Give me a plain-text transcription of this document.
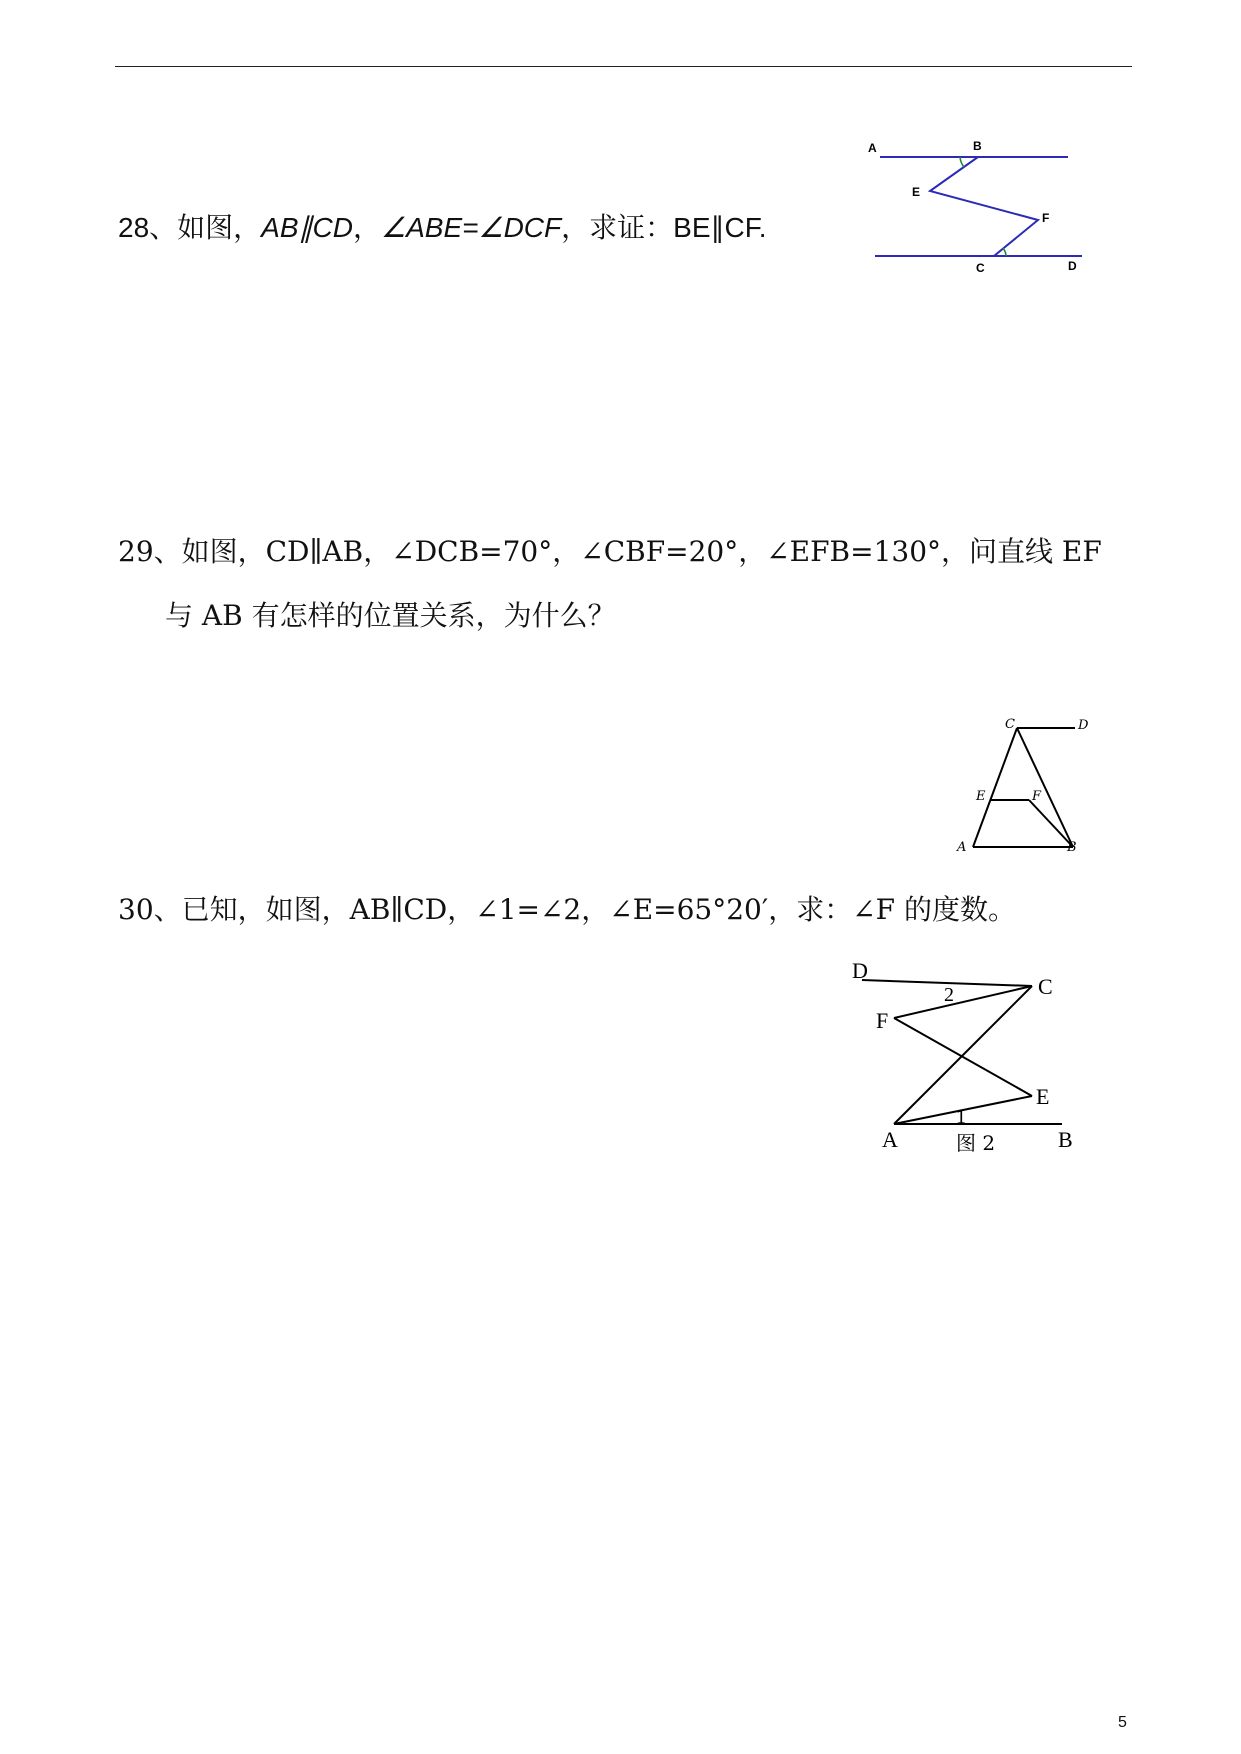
28、如图，AB∥CD，∠ABE=∠DCF，求证：BE∥CF.
A	B
E
F
C	D
29、如图，CD∥AB，∠DCB=70°，∠CBF=20°，∠EFB=130°，问直线 EF
与 AB 有怎样的位置关系，为什么？
C	D
E	F
A	B
30、已知，如图，AB∥CD，∠1=∠2，∠E=65°20′，求：∠F 的度数。
D
C
F
E
A	B
2
1
图 2
5
